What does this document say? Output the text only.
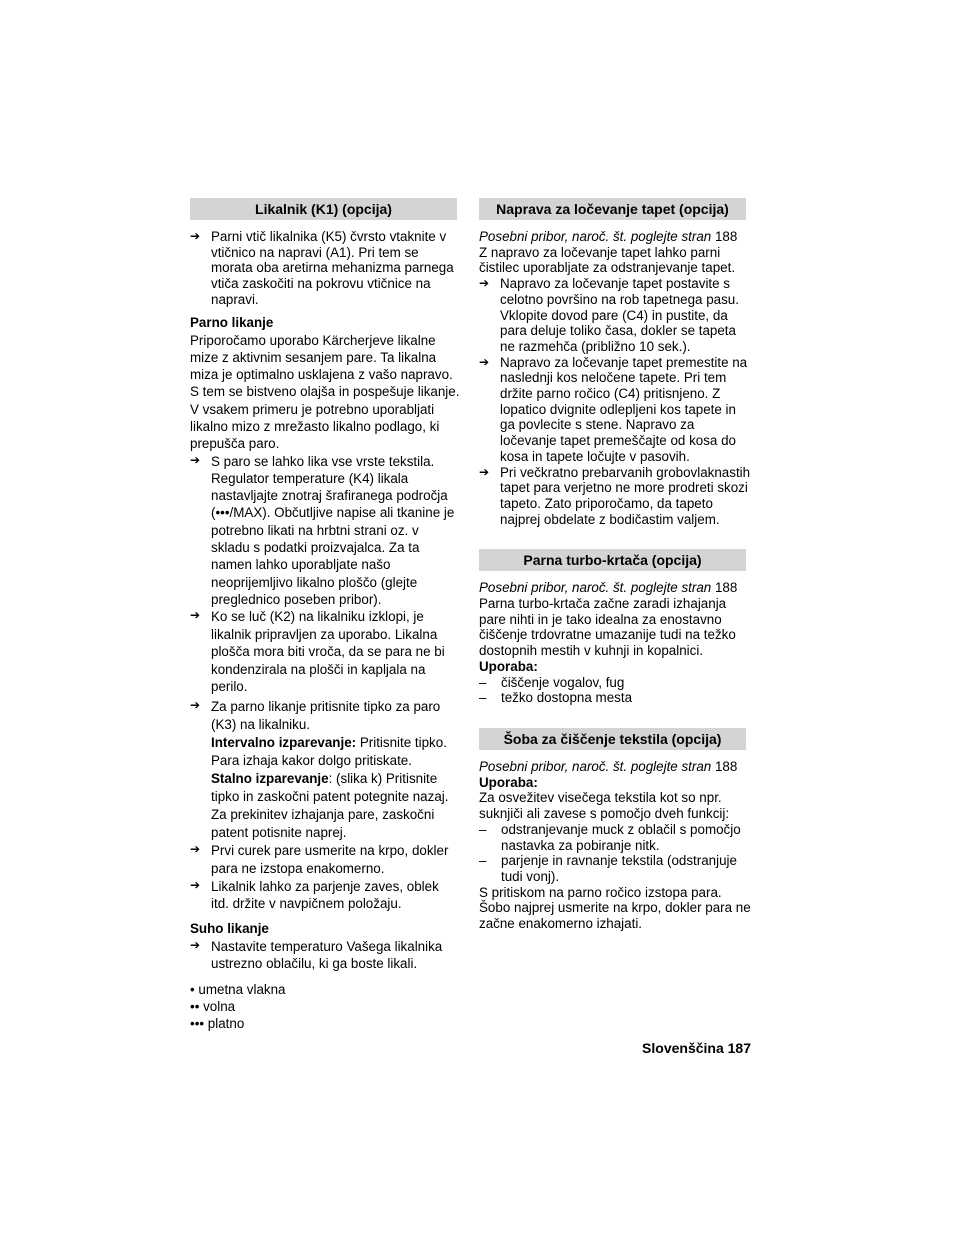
Likalnik (K1) (opcija)
➔ Parni vtič likalnika (K5) čvrsto vtaknite v vtičnico na napravi (A1). Pri tem se morata oba aretirna mehanizma parnega vtiča zaskočiti na pokrovu vtičnice na napravi.

Parno likanje

Priporočamo uporabo Kärcherjeve likalne mize z aktivnim sesanjem pare. Ta likalna miza je optimalno usklajena z vašo napravo. S tem se bistveno olajša in pospešuje likanje. V vsakem primeru je potrebno uporabljati likalno mizo z mrežasto likalno podlago, ki prepušča paro.

➔ S paro se lahko lika vse vrste tekstila. Regulator temperature (K4) likala nastavljajte znotraj šrafiranega področja (•••/MAX). Občutljive napise ali tkanine je potrebno likati na hrbtni strani oz. v skladu s podatki proizvajalca. Za ta namen lahko uporabljate našo neoprijemljivo likalno ploščo (glejte preglednico poseben pribor).
➔ Ko se luč (K2) na likalniku izklopi, je likalnik pripravljen za uporabo. Likalna plošča mora biti vroča, da se para ne bi kondenzirala na plošči in kapljala na perilo.
➔ Za parno likanje pritisnite tipko za paro (K3) na likalniku.

Intervalno izparevanje: Pritisnite tipko. Para izhaja kakor dolgo pritiskate.

Stalno izparevanje: (slika k) Pritisnite tipko in zaskočni patent potegnite nazaj. Za prekinitev izhajanja pare, zaskočni patent potisnite naprej.

➔ Prvi curek pare usmerite na krpo, dokler para ne izstopa enakomerno.
➔ Likalnik lahko za parjenje zaves, oblek itd. držite v navpičnem položaju.

Suho likanje

➔ Nastavite temperaturo Vašega likalnika ustrezno oblačilu, ki ga boste likali.

• umetna vlakna

•• volna

••• platno

Naprava za ločevanje tapet (opcija)

Posebni pribor, naroč. št. poglejte stran 188

Z napravo za ločevanje tapet lahko parni čistilec uporabljate za odstranjevanje tapet.

➔ Napravo za ločevanje tapet postavite s celotno površino na rob tapetnega pasu. Vklopite dovod pare (C4) in pustite, da para deluje toliko časa, dokler se tapeta ne razmehča (približno 10 sek.).
➔ Napravo za ločevanje tapet premestite na naslednji kos neločene tapete. Pri tem držite parno ročico (C4) pritisnjeno. Z lopatico dvignite odlepljeni kos tapete in ga povlecite s stene. Napravo za ločevanje tapet premeščajte od kosa do kosa in tapete ločujte v pasovih.
➔ Pri večkratno prebarvanih grobovlaknastih tapet para verjetno ne more prodreti skozi tapeto. Zato priporočamo, da tapeto najprej obdelate z bodičastim valjem.
Parna turbo-krtača (opcija)

Posebni pribor, naroč. št. poglejte stran 188

Parna turbo-krtača začne zaradi izhajanja pare nihti in je tako idealna za enostavno čiščenje trdovratne umazanije tudi na težko dostopnih mestih v kuhnji in kopalnici.

Uporaba:

–	čiščenje vogalov, fug
–	težko dostopna mesta
Šoba za čiščenje tekstila (opcija)

Posebni pribor, naroč. št. poglejte stran 188

Uporaba:

Za osvežitev visečega tekstila kot so npr. suknjiči ali zavese s pomočjo dveh funkcij:

–	odstranjevanje muck z oblačil s pomočjo nastavka za pobiranje nitk.
–	parjenje in ravnanje tekstila (odstranjuje tudi vonj).

S pritiskom na parno ročico izstopa para.

Šobo najprej usmerite na krpo, dokler para ne začne enakomerno izhajati.

Slovenščina 187
